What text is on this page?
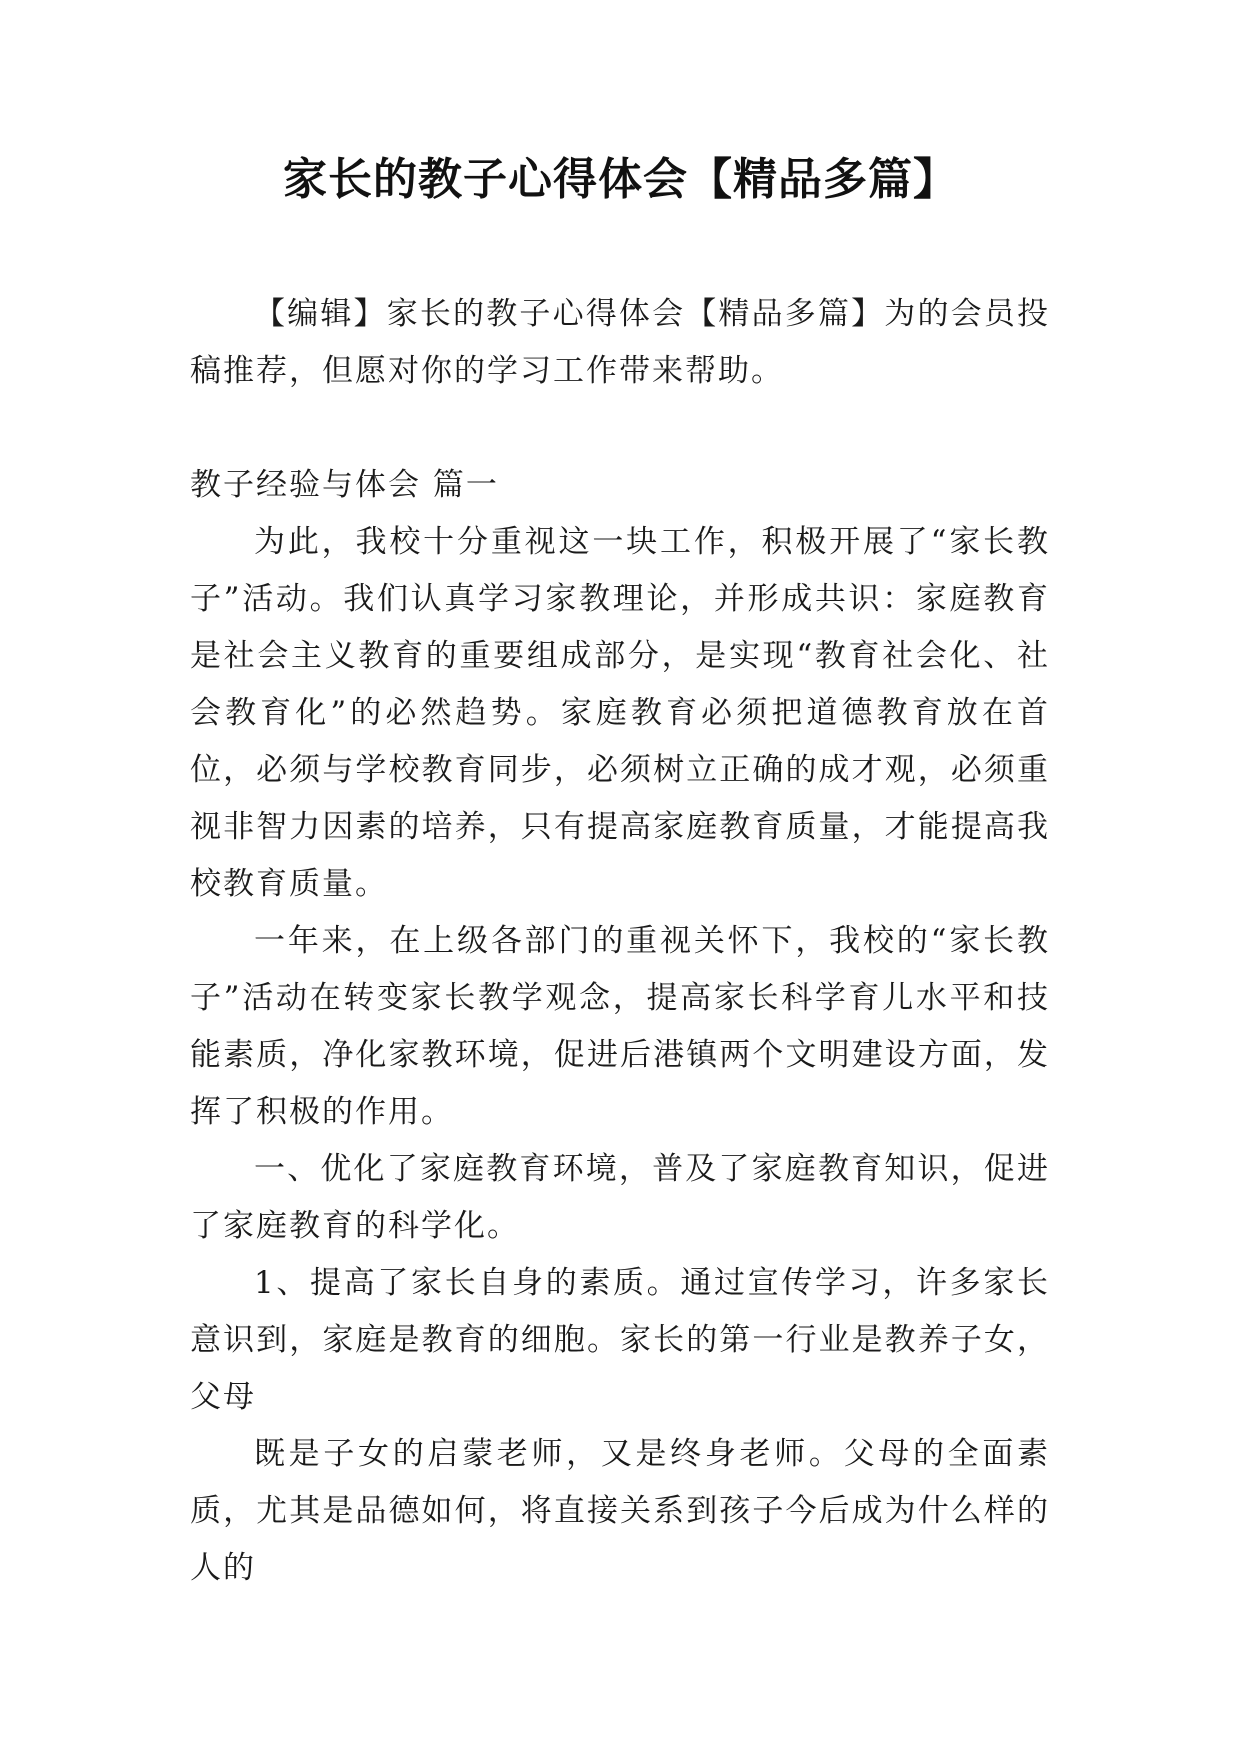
家长的教子心得体会【精品多篇】

【编辑】家长的教子心得体会【精品多篇】为的会员投稿推荐，但愿对你的学习工作带来帮助。

教子经验与体会 篇一

为此，我校十分重视这一块工作，积极开展了“家长教子”活动。我们认真学习家教理论，并形成共识：家庭教育是社会主义教育的重要组成部分，是实现“教育社会化、社会教育化”的必然趋势。家庭教育必须把道德教育放在首位，必须与学校教育同步，必须树立正确的成才观，必须重视非智力因素的培养，只有提高家庭教育质量，才能提高我校教育质量。

一年来，在上级各部门的重视关怀下，我校的“家长教子”活动在转变家长教学观念，提高家长科学育儿水平和技能素质，净化家教环境，促进后港镇两个文明建设方面，发挥了积极的作用。

一、优化了家庭教育环境，普及了家庭教育知识，促进了家庭教育的科学化。

1、提高了家长自身的素质。通过宣传学习，许多家长意识到，家庭是教育的细胞。家长的第一行业是教养子女，父母

既是子女的启蒙老师，又是终身老师。父母的全面素质，尤其是品德如何，将直接关系到孩子今后成为什么样的人的
